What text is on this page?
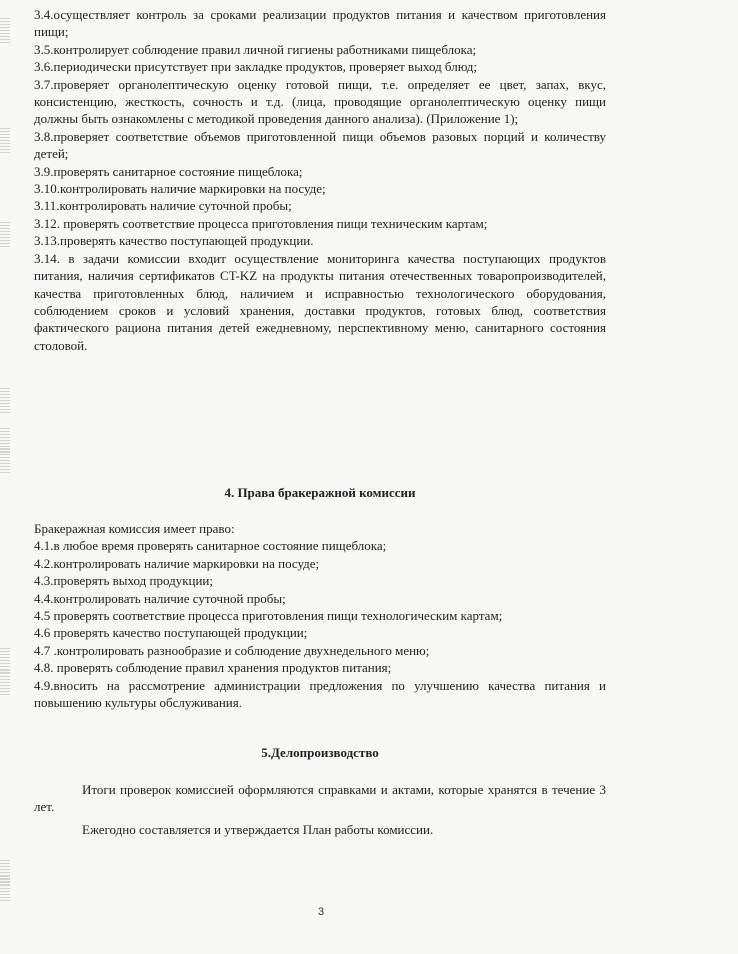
3.4.осуществляет контроль за сроками реализации продуктов питания и качеством приготовления пищи;

3.5.контролирует соблюдение правил личной гигиены работниками пищеблока;

3.6.периодически присутствует при закладке продуктов, проверяет выход блюд;

3.7.проверяет органолептическую оценку готовой пищи, т.е. определяет ее цвет, запах, вкус, консистенцию, жесткость, сочность и т.д. (лица, проводящие органолептическую оценку пищи должны быть ознакомлены с методикой проведения данного анализа). (Приложение 1);

3.8.проверяет соответствие объемов приготовленной пищи объемов разовых порций и количеству детей;

3.9.проверять санитарное состояние пищеблока;

3.10.контролировать наличие маркировки на посуде;

3.11.контролировать наличие суточной пробы;

3.12. проверять соответствие процесса приготовления пищи техническим картам;

3.13.проверять качество поступающей продукции.

3.14. в задачи комиссии входит осуществление мониторинга качества поступающих продуктов питания, наличия сертификатов CT-KZ на продукты питания отечественных товаропроизводителей, качества приготовленных блюд, наличием и исправностью технологического оборудования, соблюдением сроков и условий хранения, доставки продуктов, готовых блюд, соответствия фактического рациона питания детей ежедневному, перспективному меню, санитарного состояния столовой.

4. Права бракеражной комиссии

Бракеражная комиссия имеет право:

4.1.в любое время проверять санитарное состояние пищеблока;

4.2.контролировать наличие маркировки на посуде;

4.3.проверять выход продукции;

4.4.контролировать наличие суточной пробы;

4.5 проверять соответствие процесса приготовления пищи технологическим картам;

4.6 проверять качество поступающей продукции;

4.7 .контролировать разнообразие и соблюдение двухнедельного меню;

4.8. проверять соблюдение правил хранения продуктов питания;

4.9.вносить на рассмотрение администрации предложения по улучшению качества питания и повышению культуры обслуживания.

5.Делопроизводство

Итоги проверок комиссией оформляются справками и актами, которые хранятся в течение 3 лет.

Ежегодно составляется и утверждается План работы комиссии.

3
